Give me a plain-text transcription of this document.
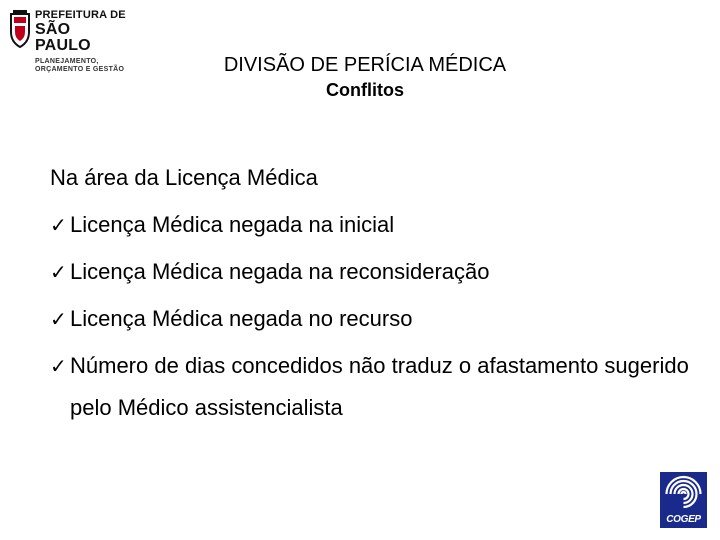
PREFEITURA DE
SÃO PAULO
PLANEJAMENTO,
ORÇAMENTO E GESTÃO	DIVISÃO DE PERÍCIA MÉDICA
Conflitos
Na área da Licença Médica
✓ Licença Médica negada na inicial
✓ Licença Médica negada na reconsideração
✓ Licença Médica negada no recurso
✓ Número de dias concedidos não traduz o afastamento sugerido pelo Médico assistencialista
COGEP
